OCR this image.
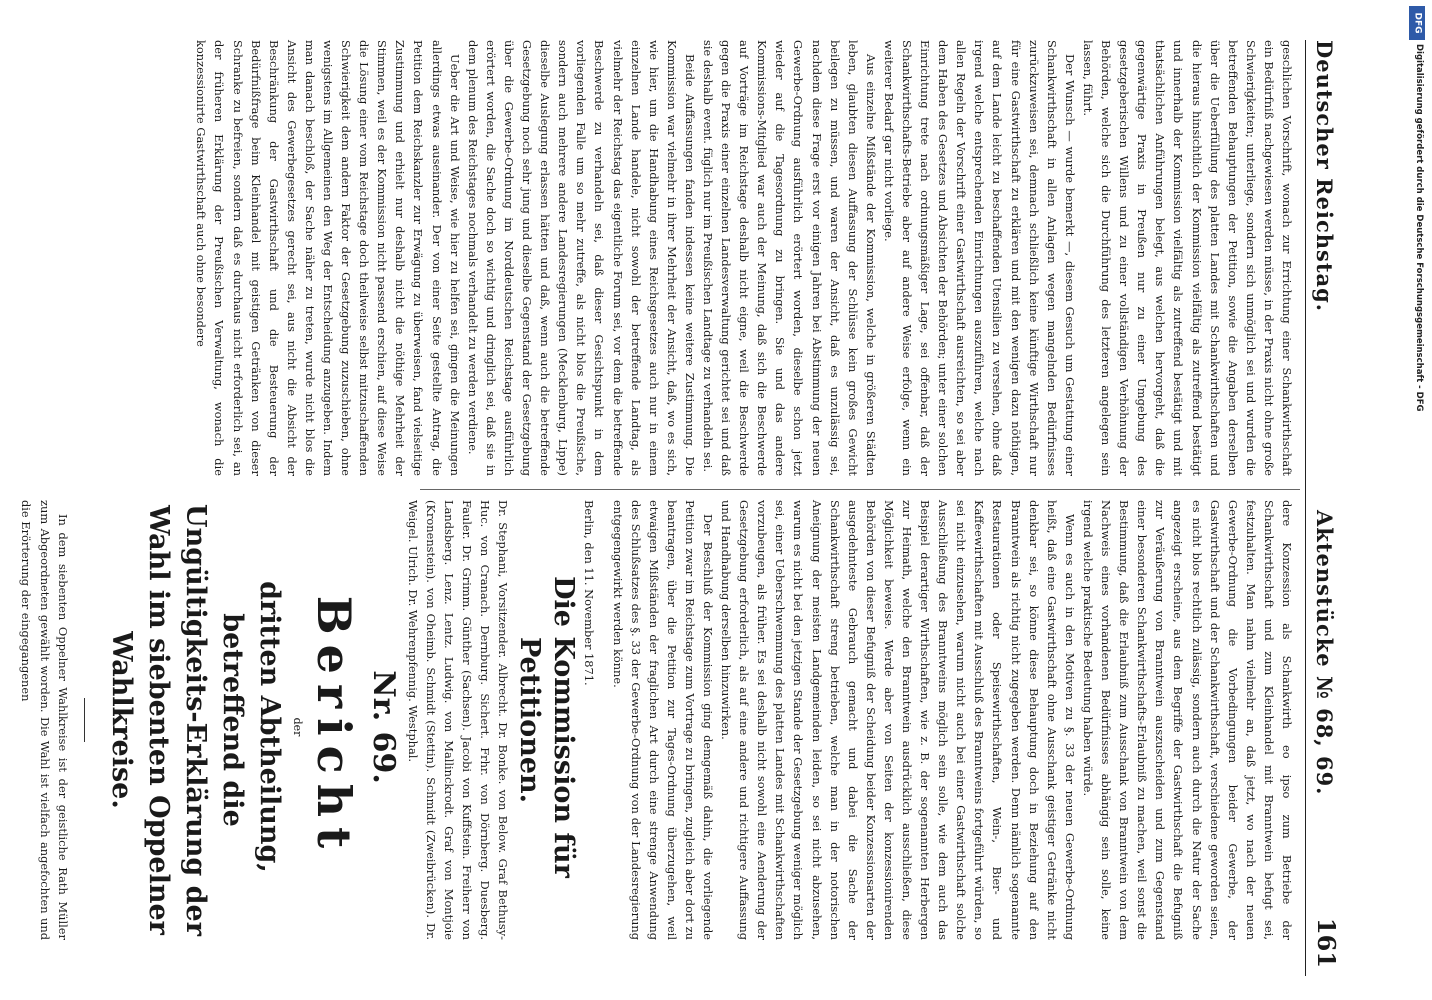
Deutscher Reichstag.
Aktenstücke № 68, 69.
161

geschlichen Vorschrift, wonach zur Errichtung einer Schankwirthschaft ein Bedürfniß nachgewiesen werden müsse, in der Praxis nicht ohne große Schwierigkeiten; unterliege, sondern sich unmöglich sei und wurden die betreffenden Behauptungen der Petition, sowie die Angaben derselben über die Ueberfüllung des platten Landes mit Schankwirthschaften und die hieraus hinsichtlich der Kommission vielfältig als zutreffend bestätigt und innerhalb der Kommission vielfältig als zutreffend bestätigt und mit thatsächlichen Anführungen belegt, aus welchen hervorgeht, daß die gegenwärtige Praxis in Preußen nur zu einer Umgebung des gesetzgeberischen Willens und zu einer vollständigen Verhöhnung der Behörden, welche sich die Durchführung des letzteren angelegen sein lassen, führt.

Der Wunsch — wurde bemerkt —, diesem Gesuch um Gestattung einer Schankwirthschaft in allen Anlagen wegen mangelnden Bedürfnisses zurückzuweisen sei, demnach schließlich keine künftige Wirthschaft nur für eine Gastwirthschaft zu erklären und mit den wenigen dazu nöthigen, auf dem Lande leicht zu beschaffenden Utensilien zu versehen, ohne daß irgend welche entsprechenden Einrichtungen auszuführen, welche nach allen Regeln der Vorschrift einer Gastwirthschaft ausreichten, so sei aber dem Haben des Gesetzes und Absichten der Behörden; unter einer solchen Einrichtung trete nach ordnungsmäßiger Lage, sei offenbar, daß der Schankwirthschafts-Betriebe aber auf andere Weise erfolge, wenn ein weiterer Bedarf gar nicht vorliege.

Aus einzelne Mißstände der Kommission, welche in größeren Städten leben, glaubten diesen Auffassung der Schlüsse kein großes Gewicht beilegen zu müssen, und waren der Ansicht, daß es unzulässig sei, nachdem diese Frage erst vor einigen Jahren bei Abstimmung der neuen Gewerbe-Ordnung ausführlich erörtert worden, dieselbe schon jetzt wieder auf die Tagesordnung zu bringen. Sie und das andere Kommissions-Mitglied war auch der Meinung, daß sich die Beschwerde auf Vorträge im Reichstage deshalb nicht eigne, weil die Beschwerde gegen die Praxis einer einzelnen Landesverwaltung gerichtet sei und daß sie deshalb event. füglich nur im Preußischen Landtage zu verhandeln sei.

Beide Auffassungen fanden indessen keine weitere Zustimmung. Die Kommission war vielmehr in ihrer Mehrheit der Ansicht, daß, wo es sich, wie hier, um die Handhabung eines Reichsgesetzes auch nur in einem einzelnen Lande handele, nicht sowohl der betreffende Landtag, als vielmehr der Reichstag das eigentliche Forum sei, vor dem die betreffende Beschwerde zu verhandeln sei, daß dieser Gesichtspunkt in dem vorliegenden Falle um so mehr zutreffe, als nicht blos die Preußische, sondern auch mehrere andere Landesregierungen (Mecklenburg, Lippe) dieselbe Auslegung erlassen hätten und daß, wenn auch die betreffende Gesetzgebung noch sehr jung und dieselbe Gegenstand der Gesetzgebung über die Gewerbe-Ordnung im Norddeutschen Reichstage ausführlich erörtert worden, die Sache doch so wichtig und dringlich sei, daß sie in dem plenum des Reichstages nochmals verhandelt zu werden verdiene.

Ueber die Art und Weise, wie hier zu helfen sei, gingen die Meinungen allerdings etwas auseinander. Der von einer Seite gestellte Antrag, die Petition dem Reichskanzler zur Erwägung zu überweisen, fand vielseitige Zustimmung und erhielt nur deshalb nicht die nöthige Mehrheit der Stimmen, weil es der Kommission nicht passend erschien, auf diese Weise die Lösung einer vom Reichstage doch theilweise selbst mitzuschaffenden Schwierigkeit dem andern Faktor der Gesetzgebung zuzuschieben, ohne wenigstens im Allgemeinen den Weg der Entscheidung anzugeben. Indem man danach beschloß, der Sache näher zu treten, wurde nicht blos die Ansicht des Gewerbegesetzes gerecht sei, aus nicht die Absicht der Beschränkung der Gastwirthschaft und die Besteuerung der Bedürfnißfrage beim Kleinhandel mit geistigen Getränken von dieser Schranke zu befreien, sondern daß es durchaus nicht erforderlich sei, an der früheren Erklärung der Preußischen Verwaltung, wonach die konzessionirte Gastwirthschaft auch ohne besondere

dere Konzession als Schankwirth eo ipso zum Betriebe der Schankwirthschaft und zum Kleinhandel mit Branntwein befugt sei, festzuhalten. Man nahm vielmehr an, daß jetzt, wo nach der neuen Gewerbe-Ordnung die Vorbedingungen beider Gewerbe, der Gastwirthschaft und der Schankwirthschaft, verschiedene geworden seien, es nicht blos rechtlich zulässig, sondern auch durch die Natur der Sache angezeigt erscheine, aus dem Begriffe der Gastwirthschaft die Befugniß zur Veräußerung von Branntwein auszuscheiden und zum Gegenstand einer besonderen Schankwirthschafts-Erlaubniß zu machen, weil sonst die Bestimmung, daß die Erlaubniß zum Ausschank von Branntwein von dem Nachweis eines vorhandenen Bedürfnisses abhängig sein solle, keine irgend welche praktische Bedeutung haben würde.

Wenn es auch in den Motiven zu §. 33 der neuen Gewerbe-Ordnung heißt, daß eine Gastwirthschaft ohne Ausschank geistiger Getränke nicht denkbar sei, so könne diese Behauptung doch in Beziehung auf den Branntwein als richtig nicht zugegeben werden. Denn nämlich sogenannte Restaurationen oder Speisewirthschaften, Wein-, Bier- und Kaffeewirthschaften mit Ausschluß des Branntweins fortgeführt würden, so sei nicht einzusehen, warum nicht auch bei einer Gastwirthschaft solche Ausschließung des Branntweins möglich sein solle, wie dem auch das Beispiel derartiger Wirthschaften, wie z. B. der sogenannten Herbergen zur Heimath, welche den Branntwein ausdrücklich ausschließen, diese Möglichkeit beweise. Werde aber von Seiten der konzessionirenden Behörden von dieser Befugniß der Scheidung beider Konzessionsarten der ausgedehnteste Gebrauch gemacht und dabei die Sache der Schankwirthschaft streng betrieben, welche man in der notorischen Aneignung der meisten Landgemeinden leiden, so sei nicht abzusehen, warum es nicht bei den jetzigen Stande der Gesetzgebung weniger möglich sei, einer Ueberschwemmung des platten Landes mit Schankwirthschaften vorzubeugen, als früher. Es sei deshalb nicht sowohl eine Aenderung der Gesetzgebung erforderlich, als auf eine andere und richtigere Auffassung und Handhabung derselben hinzuwirken.

Der Beschluß der Kommission ging demgemäß dahin, die vorliegende Petition zwar im Reichstage zum Vortrage zu bringen, zugleich aber dort zu beantragen, über die Petition zur Tages-Ordnung überzugehen, weil etwaigen Mißständen der fraglichen Art durch eine strenge Anwendung des Schlußsatzes des §. 33 der Gewerbe-Ordnung von der Landesregierung entgegengewirkt werden könne.

Berlin, den 11. November 1871.

Die Kommission für Petitionen.

Dr. Stephani, Vorsitzender. Albrecht. Dr. Bonke. von Below. Graf Bethusy-Huc. von Cranach. Dernburg. Sichert. Frhr. von Dörnberg. Duesberg. Fauler. Dr. Grimm. Günther (Sachsen). Jacobi von Kuffstein. Freiherr von Landsberg. Lenz. Lentz. Ludwig. von Mallinckrodt. Graf von Montjoie (Kronenstein). von Oheimb. Schmidt (Stettin). Schmidt (Zweibrücken). Dr. Weigel. Ulrich. Dr. Wehrenpfennig. Westphal.

Nr. 69.

Bericht

der

dritten Abtheilung, betreffend die Ungültigkeits-Erklärung der Wahl im siebenten Oppelner Wahlkreise.

In dem siebenten Oppelner Wahlkreise ist der geistliche Rath Müller zum Abgeordneten gewählt worden. Die Wahl ist vielfach angefochten und die Erörterung der eingegangenen

DFG
Digitalisierung gefördert durch die Deutsche Forschungsgemeinschaft - DFG
